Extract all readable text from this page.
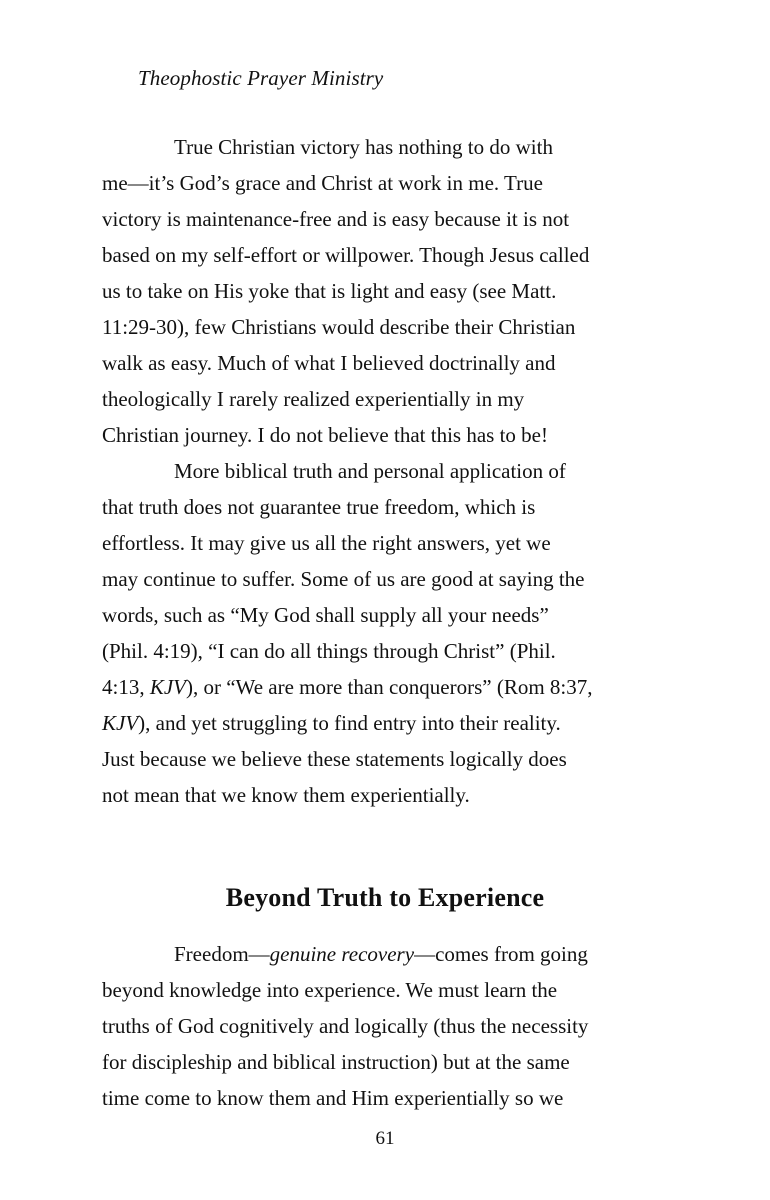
Theophostic Prayer Ministry
True Christian victory has nothing to do with
me—it’s God’s grace and Christ at work in me. True
victory is maintenance-free and is easy because it is not
based on my self-effort or willpower. Though Jesus called
us to take on His yoke that is light and easy (see Matt.
11:29-30), few Christians would describe their Christian
walk as easy. Much of what I believed doctrinally and
theologically I rarely realized experientially in my
Christian journey. I do not believe that this has to be!
More biblical truth and personal application of
that truth does not guarantee true freedom, which is
effortless. It may give us all the right answers, yet we
may continue to suffer. Some of us are good at saying the
words, such as “My God shall supply all your needs”
(Phil. 4:19), “I can do all things through Christ” (Phil.
4:13, KJV), or “We are more than conquerors” (Rom 8:37,
KJV), and yet struggling to find entry into their reality.
Just because we believe these statements logically does
not mean that we know them experientially.
Beyond Truth to Experience
Freedom—genuine recovery—comes from going
beyond knowledge into experience. We must learn the
truths of God cognitively and logically (thus the necessity
for discipleship and biblical instruction) but at the same
time come to know them and Him experientially so we
61
